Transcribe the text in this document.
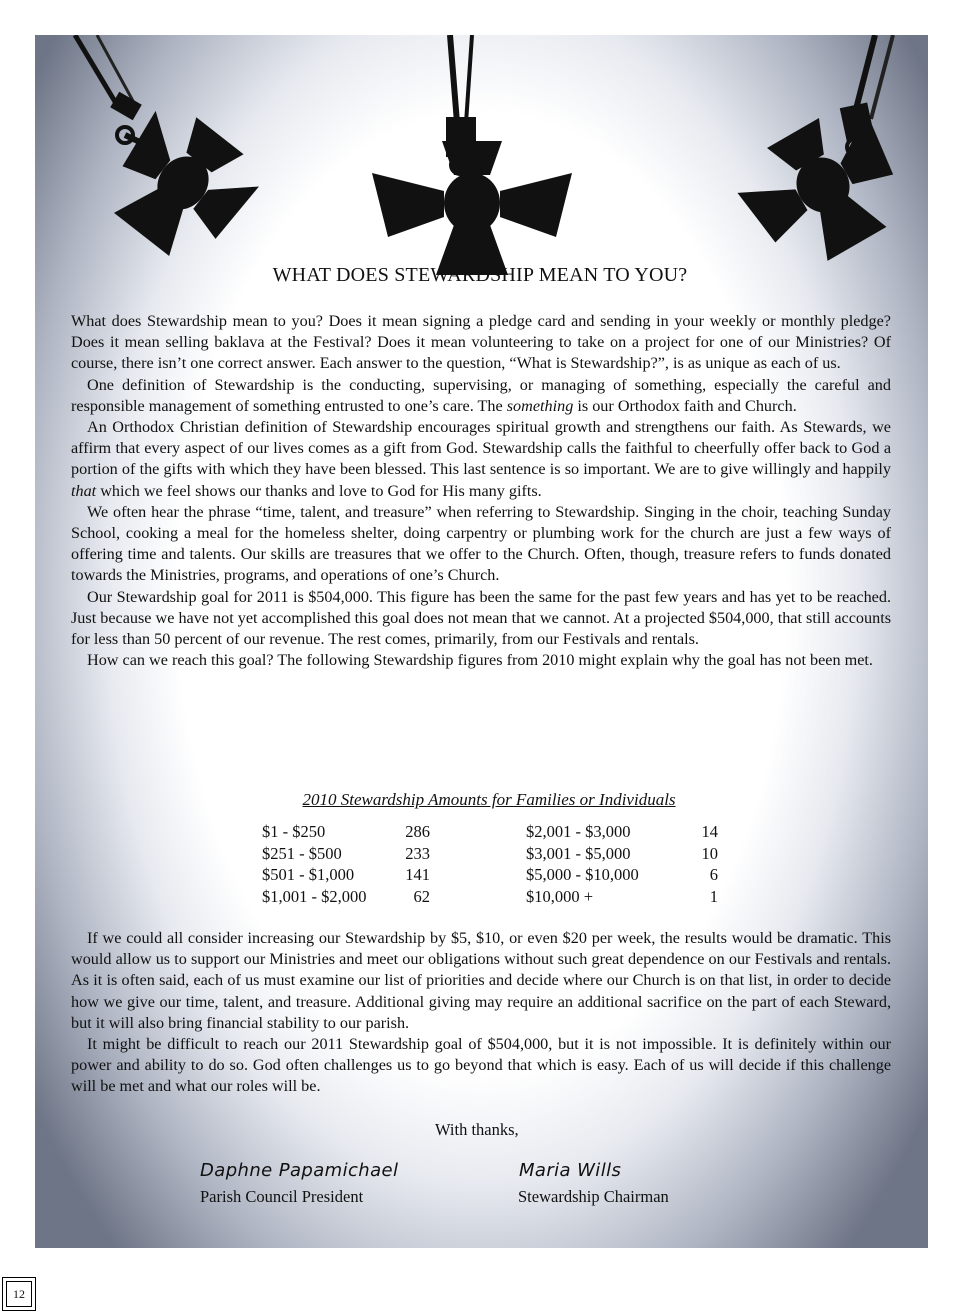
WHAT DOES STEWARDSHIP MEAN TO YOU?

What does Stewardship mean to you? Does it mean signing a pledge card and sending in your weekly or monthly pledge? Does it mean selling baklava at the Festival? Does it mean volunteering to take on a project for one of our Ministries? Of course, there isn’t one correct answer. Each answer to the question, “What is Stewardship?”, is as unique as each of us.

One definition of Stewardship is the conducting, supervising, or managing of something, especially the careful and responsible management of something entrusted to one’s care. The something is our Orthodox faith and Church.

An Orthodox Christian definition of Stewardship encourages spiritual growth and strengthens our faith. As Stewards, we affirm that every aspect of our lives comes as a gift from God. Stewardship calls the faithful to cheerfully offer back to God a portion of the gifts with which they have been blessed. This last sentence is so important. We are to give willingly and happily that which we feel shows our thanks and love to God for His many gifts.

We often hear the phrase “time, talent, and treasure” when referring to Stewardship. Singing in the choir, teaching Sunday School, cooking a meal for the homeless shelter, doing carpentry or plumbing work for the church are just a few ways of offering time and talents. Our skills are treasures that we offer to the Church. Often, though, treasure refers to funds donated towards the Ministries, programs, and operations of one’s Church.

Our Stewardship goal for 2011 is $504,000. This figure has been the same for the past few years and has yet to be reached. Just because we have not yet accomplished this goal does not mean that we cannot. At a projected $504,000, that still accounts for less than 50 percent of our revenue. The rest comes, primarily, from our Festivals and rentals.

How can we reach this goal? The following Stewardship figures from 2010 might explain why the goal has not been met.

2010 Stewardship Amounts for Families or Individuals
$1 - $250	286	$2,001 - $3,000	14
$251 - $500	233	$3,001 - $5,000	10
$501 - $1,000	141	$5,000 - $10,000	6
$1,001 - $2,000	62	$10,000 +	1

If we could all consider increasing our Stewardship by $5, $10, or even $20 per week, the results would be dramatic. This would allow us to support our Ministries and meet our obligations without such great dependence on our Festivals and rentals. As it is often said, each of us must examine our list of priorities and decide where our Church is on that list, in order to decide how we give our time, talent, and treasure. Additional giving may require an additional sacrifice on the part of each Steward, but it will also bring financial stability to our parish.

It might be difficult to reach our 2011 Stewardship goal of $504,000, but it is not impossible. It is definitely within our power and ability to do so. God often challenges us to go beyond that which is easy. Each of us will decide if this challenge will be met and what our roles will be.

With thanks,
Daphne Papamichael
Parish Council President
Maria Wills
Stewardship Chairman
12
